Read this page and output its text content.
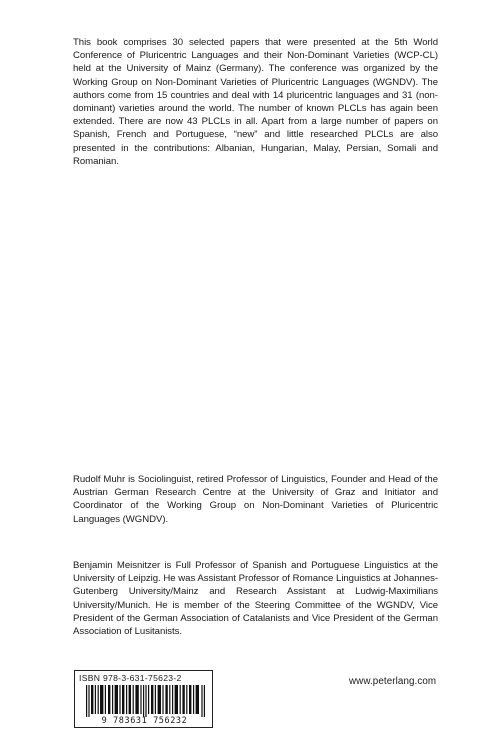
This book comprises 30 selected papers that were presented at the 5th World Conference of Pluricentric Languages and their Non-Dominant Varieties (WCP-CL) held at the University of Mainz (Germany). The conference was organized by the Working Group on Non-Dominant Varieties of Pluricentric Languages (WGNDV). The authors come from 15 countries and deal with 14 pluricentric languages and 31 (non-dominant) varieties around the world. The number of known PLCLs has again been extended. There are now 43 PLCLs in all. Apart from a large number of papers on Spanish, French and Portuguese, “new” and little researched PLCLs are also presented in the contributions: Albanian, Hungarian, Malay, Persian, Somali and Romanian.

Rudolf Muhr is Sociolinguist, retired Professor of Linguistics, Founder and Head of the Austrian German Research Centre at the University of Graz and Initiator and Coordinator of the Working Group on Non-Dominant Varieties of Pluricentric Languages (WGNDV).

Benjamin Meisnitzer is Full Professor of Spanish and Portuguese Linguistics at the University of Leipzig. He was Assistant Professor of Romance Linguistics at Johannes-Gutenberg University/Mainz and Research Assistant at Ludwig-Maximilians University/Munich. He is member of the Steering Committee of the WGNDV, Vice President of the German Association of Catalanists and Vice President of the German Association of Lusitanists.

ISBN 978-3-631-75623-2
9 783631 756232
www.peterlang.com
